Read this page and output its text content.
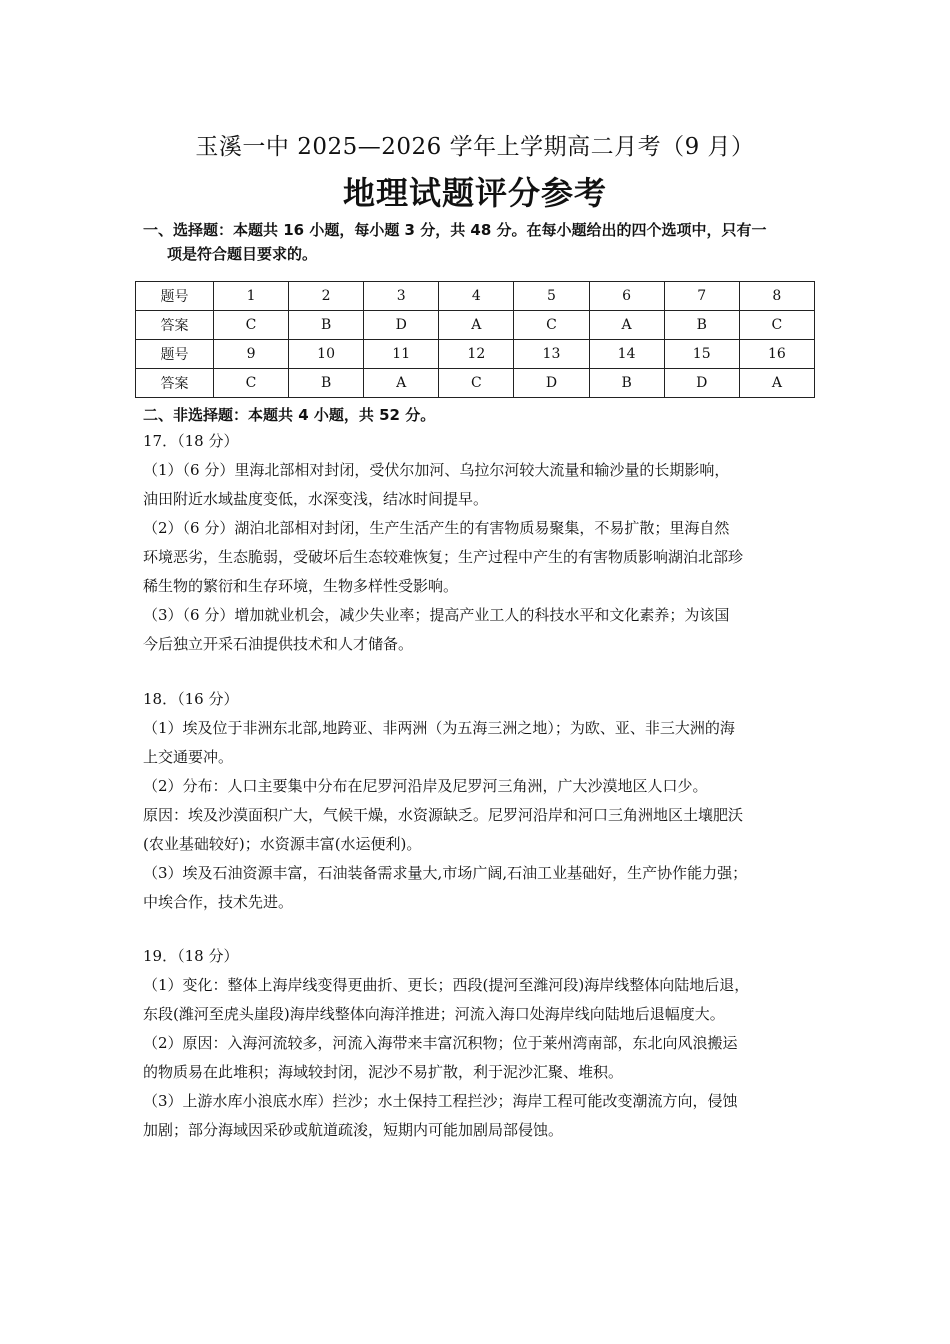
玉溪一中 2025—2026 学年上学期高二月考（9 月）
地理试题评分参考
一、选择题：本题共 16 小题，每小题 3 分，共 48 分。在每小题给出的四个选项中，只有一
项是符合题目要求的。
题号	1	2	3	4	5	6	7	8
答案	C	B	D	A	C	A	B	C
题号	9	10	11	12	13	14	15	16
答案	C	B	A	C	D	B	D	A
二、非选择题：本题共 4 小题，共 52 分。

17．（18 分）

（1）（6 分）里海北部相对封闭，受伏尔加河、乌拉尔河较大流量和输沙量的长期影响，

油田附近水域盐度变低，水深变浅，结冰时间提早。

（2）（6 分）湖泊北部相对封闭，生产生活产生的有害物质易聚集，不易扩散；里海自然

环境恶劣，生态脆弱，受破坏后生态较难恢复；生产过程中产生的有害物质影响湖泊北部珍

稀生物的繁衍和生存环境，生物多样性受影响。

（3）（6 分）增加就业机会，减少失业率；提高产业工人的科技水平和文化素养；为该国

今后独立开采石油提供技术和人才储备。

18．（16 分）

（1）埃及位于非洲东北部,地跨亚、非两洲（为五海三洲之地）；为欧、亚、非三大洲的海

上交通要冲。

（2）分布：人口主要集中分布在尼罗河沿岸及尼罗河三角洲，广大沙漠地区人口少。

原因：埃及沙漠面积广大，气候干燥，水资源缺乏。尼罗河沿岸和河口三角洲地区土壤肥沃

(农业基础较好)；水资源丰富(水运便利)。

（3）埃及石油资源丰富，石油装备需求量大,市场广阔,石油工业基础好，生产协作能力强；

中埃合作，技术先进。

19．（18 分）

（1）变化：整体上海岸线变得更曲折、更长；西段(提河至潍河段)海岸线整体向陆地后退，

东段(潍河至虎头崖段)海岸线整体向海洋推进；河流入海口处海岸线向陆地后退幅度大。

（2）原因：入海河流较多，河流入海带来丰富沉积物；位于莱州湾南部，东北向风浪搬运

的物质易在此堆积；海域较封闭，泥沙不易扩散，利于泥沙汇聚、堆积。

（3）上游水库小浪底水库）拦沙；水土保持工程拦沙；海岸工程可能改变潮流方向，侵蚀

加剧；部分海域因采砂或航道疏浚，短期内可能加剧局部侵蚀。
